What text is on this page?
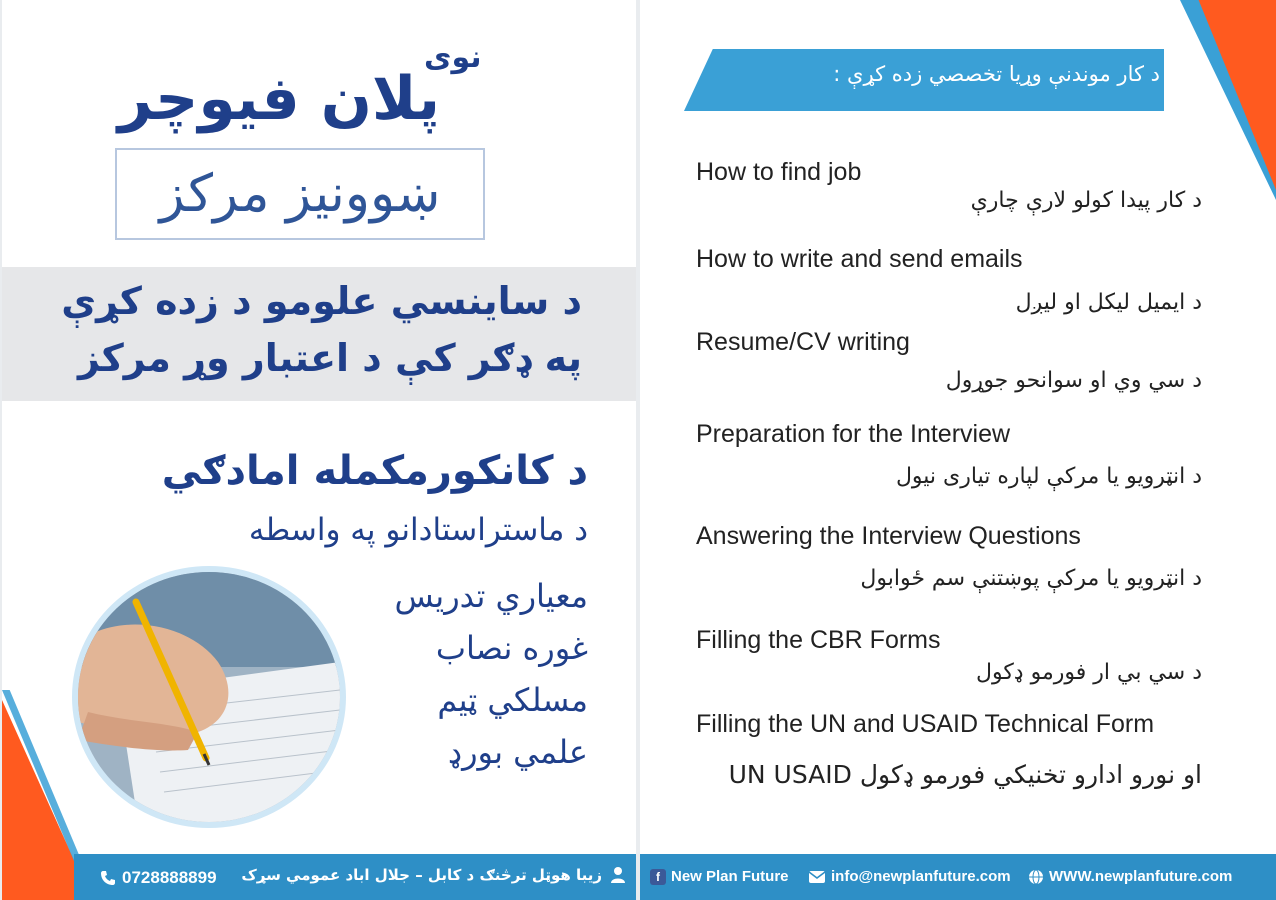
نوی
پلان فیوچر
ښوونیز مرکز
د ساینسي علومو د زده کړې
په ډګر کې د اعتبار وړ مرکز
د کانکورمکمله امادګي
د ماستراستادانو په واسطه
معیاري تدریس
غوره نصاب
مسلکي ټیم
علمي بورډ
0728888899 زیبا هوټل ترڅنګ د کابل – جلال اباد عمومي سړک
د کار موندنې وړیا تخصصي زده کړې :
How to find job
د کار پیدا کولو لارې چارې
How to write and send emails
د ایمیل لیکل او لیږل
Resume/CV writing
د سي وي او سوانحو جوړول
Preparation for the Interview
د انټرویو یا مرکې لپاره تیاری نیول
Answering the Interview Questions
د انټرویو یا مرکې پوښتنې سم ځوابول
Filling the CBR Forms
د سي بي ار فورمو ډکول
Filling the UN and USAID Technical Form
UN USAID او نورو ادارو تخنیکي فورمو ډکول
f New Plan Future	info@newplanfuture.com	WWW.newplanfuture.com
